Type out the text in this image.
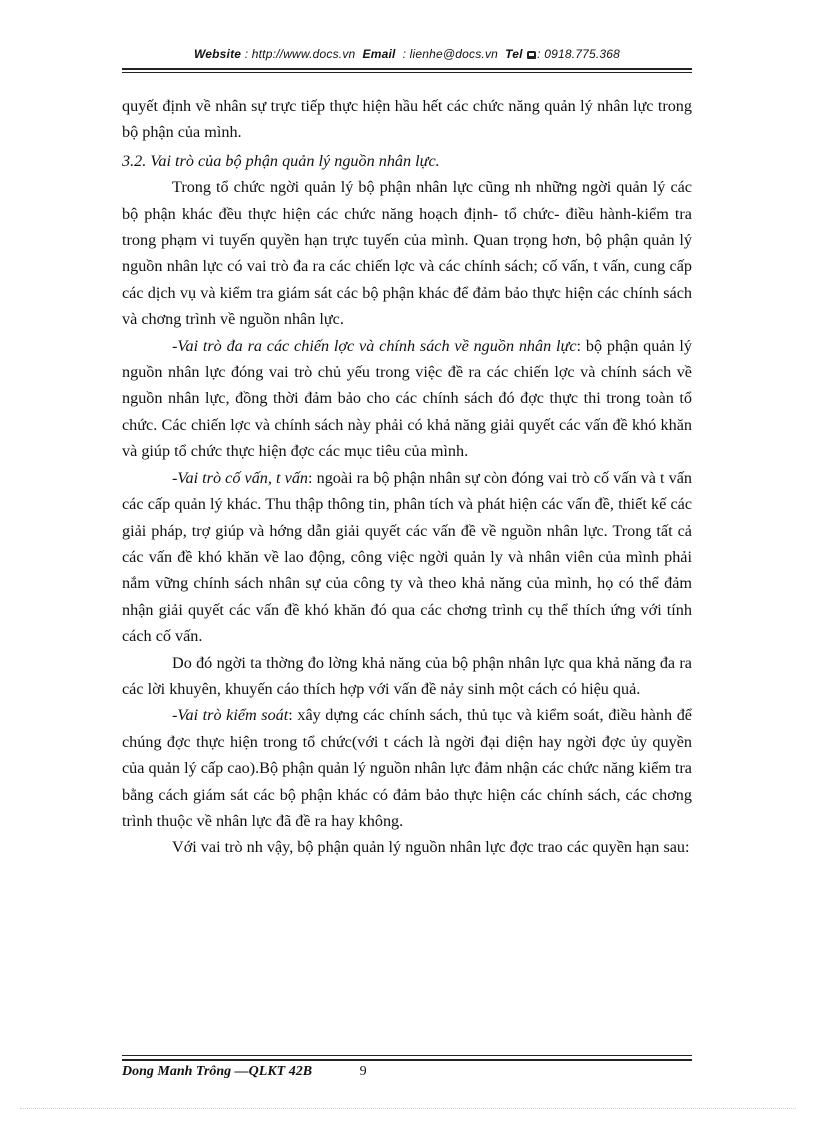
Website : http://www.docs.vn Email : lienhe@docs.vn Tel : 0918.775.368

quyết định về nhân sự trực tiếp thực hiện hầu hết các chức năng quản lý nhân lực trong bộ phận của mình.

3.2. Vai trò của bộ phận quản lý nguồn nhân lực.

Trong tổ chức ngời quản lý bộ phận nhân lực cũng nh những ngời quản lý các bộ phận khác đều thực hiện các chức năng hoạch định- tổ chức- điều hành-kiểm tra trong phạm vi tuyến quyền hạn trực tuyến của mình. Quan trọng hơn, bộ phận quản lý nguồn nhân lực có vai trò đa ra các chiến lợc và các chính sách; cố vấn, t vấn, cung cấp các dịch vụ và kiểm tra giám sát các bộ phận khác để đảm bảo thực hiện các chính sách và chơng trình về nguồn nhân lực.

-Vai trò đa ra các chiến lợc và chính sách về nguồn nhân lực: bộ phận quản lý nguồn nhân lực đóng vai trò chủ yếu trong việc đề ra các chiến lợc và chính sách về nguồn nhân lực, đồng thời đảm bảo cho các chính sách đó đợc thực thi trong toàn tổ chức. Các chiến lợc và chính sách này phải có khả năng giải quyết các vấn đề khó khăn và giúp tổ chức thực hiện đợc các mục tiêu của mình.

-Vai trò cố vấn, t vấn: ngoài ra bộ phận nhân sự còn đóng vai trò cố vấn và t vấn các cấp quản lý khác. Thu thập thông tin, phân tích và phát hiện các vấn đề, thiết kế các giải pháp, trợ giúp và hớng dẫn giải quyết các vấn đề về nguồn nhân lực. Trong tất cả các vấn đề khó khăn về lao động, công việc ngời quản ly và nhân viên của mình phải nắm vững chính sách nhân sự của công ty và theo khả năng của mình, họ có thể đảm nhận giải quyết các vấn đề khó khăn đó qua các chơng trình cụ thể thích ứng với tính cách cố vấn.

Do đó ngời ta thờng đo lờng khả năng của bộ phận nhân lực qua khả năng đa ra các lời khuyên, khuyến cáo thích hợp với vấn đề nảy sinh một cách có hiệu quả.

-Vai trò kiểm soát: xây dựng các chính sách, thủ tục và kiểm soát, điều hành để chúng đợc thực hiện trong tổ chức(với t cách là ngời đại diện hay ngời đợc ủy quyền của quản lý cấp cao).Bộ phận quản lý nguồn nhân lực đảm nhận các chức năng kiểm tra bằng cách giám sát các bộ phận khác có đảm bảo thực hiện các chính sách, các chơng trình thuộc về nhân lực đã đề ra hay không.

Với vai trò nh vậy, bộ phận quản lý nguồn nhân lực đợc trao các quyền hạn sau:

Dong Manh Trông —QLKT 42B	9
